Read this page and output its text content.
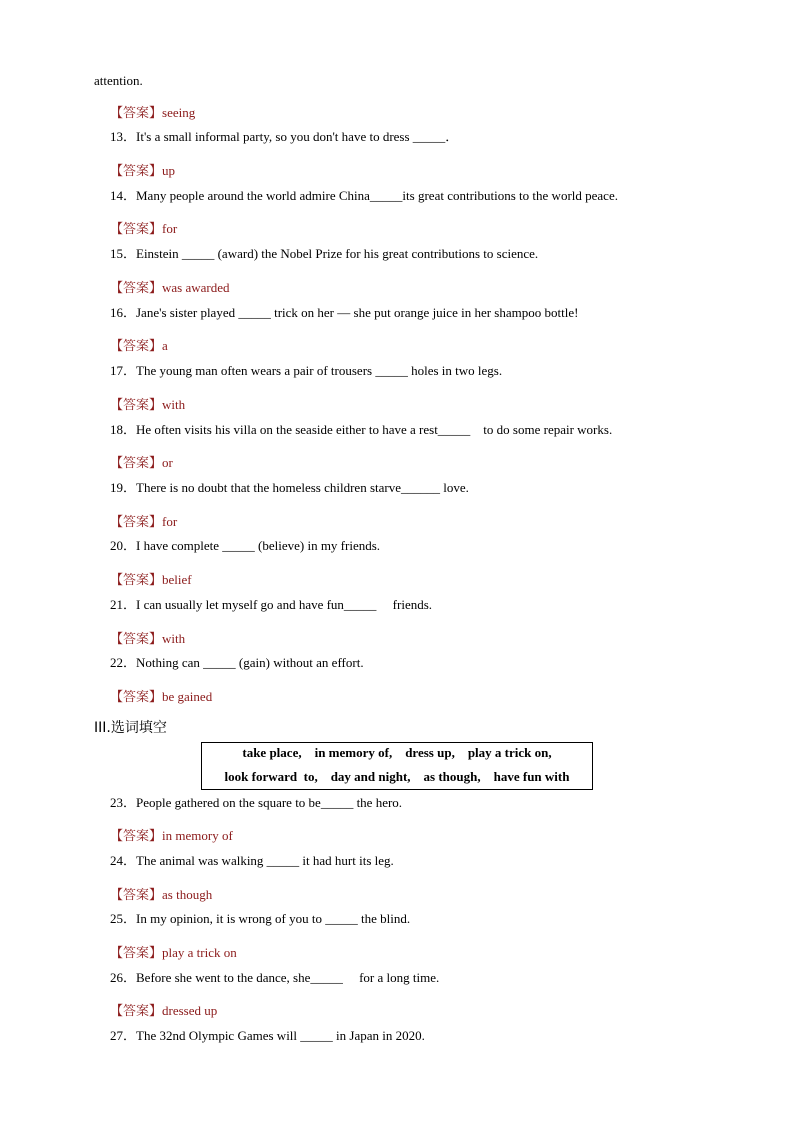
attention.
【答案】seeing
13．It's a small informal party, so you don't have to dress _____．
【答案】up
14．Many people around the world admire China_____its great contributions to the world peace.
【答案】for
15．Einstein _____ (award) the Nobel Prize for his great contributions to science.
【答案】was awarded
16．Jane's sister played _____ trick on her — she put orange juice in her shampoo bottle!
【答案】a
17．The young man often wears a pair of trousers _____ holes in two legs.
【答案】with
18．He often visits his villa on the seaside either to have a rest_____    to do some repair works.
【答案】or
19．There is no doubt that the homeless children starve______ love.
【答案】for
20．I have complete _____ (believe) in my friends.
【答案】belief
21．I can usually let myself go and have fun_____     friends.
【答案】with
22．Nothing can _____ (gain) without an effort.
【答案】be gained
23．People gathered on the square to be_____ the hero.
【答案】in memory of
24．The animal was walking _____ it had hurt its leg.
【答案】as though
25．In my opinion, it is wrong of you to _____ the blind.
【答案】play a trick on
26．Before she went to the dance, she_____     for a long time.
【答案】dressed up
27．The 32nd Olympic Games will _____ in Japan in 2020.
III.选词填空
take place,    in memory of,    dress up,    play a trick on,
look forward  to,    day and night,    as though,    have fun with
